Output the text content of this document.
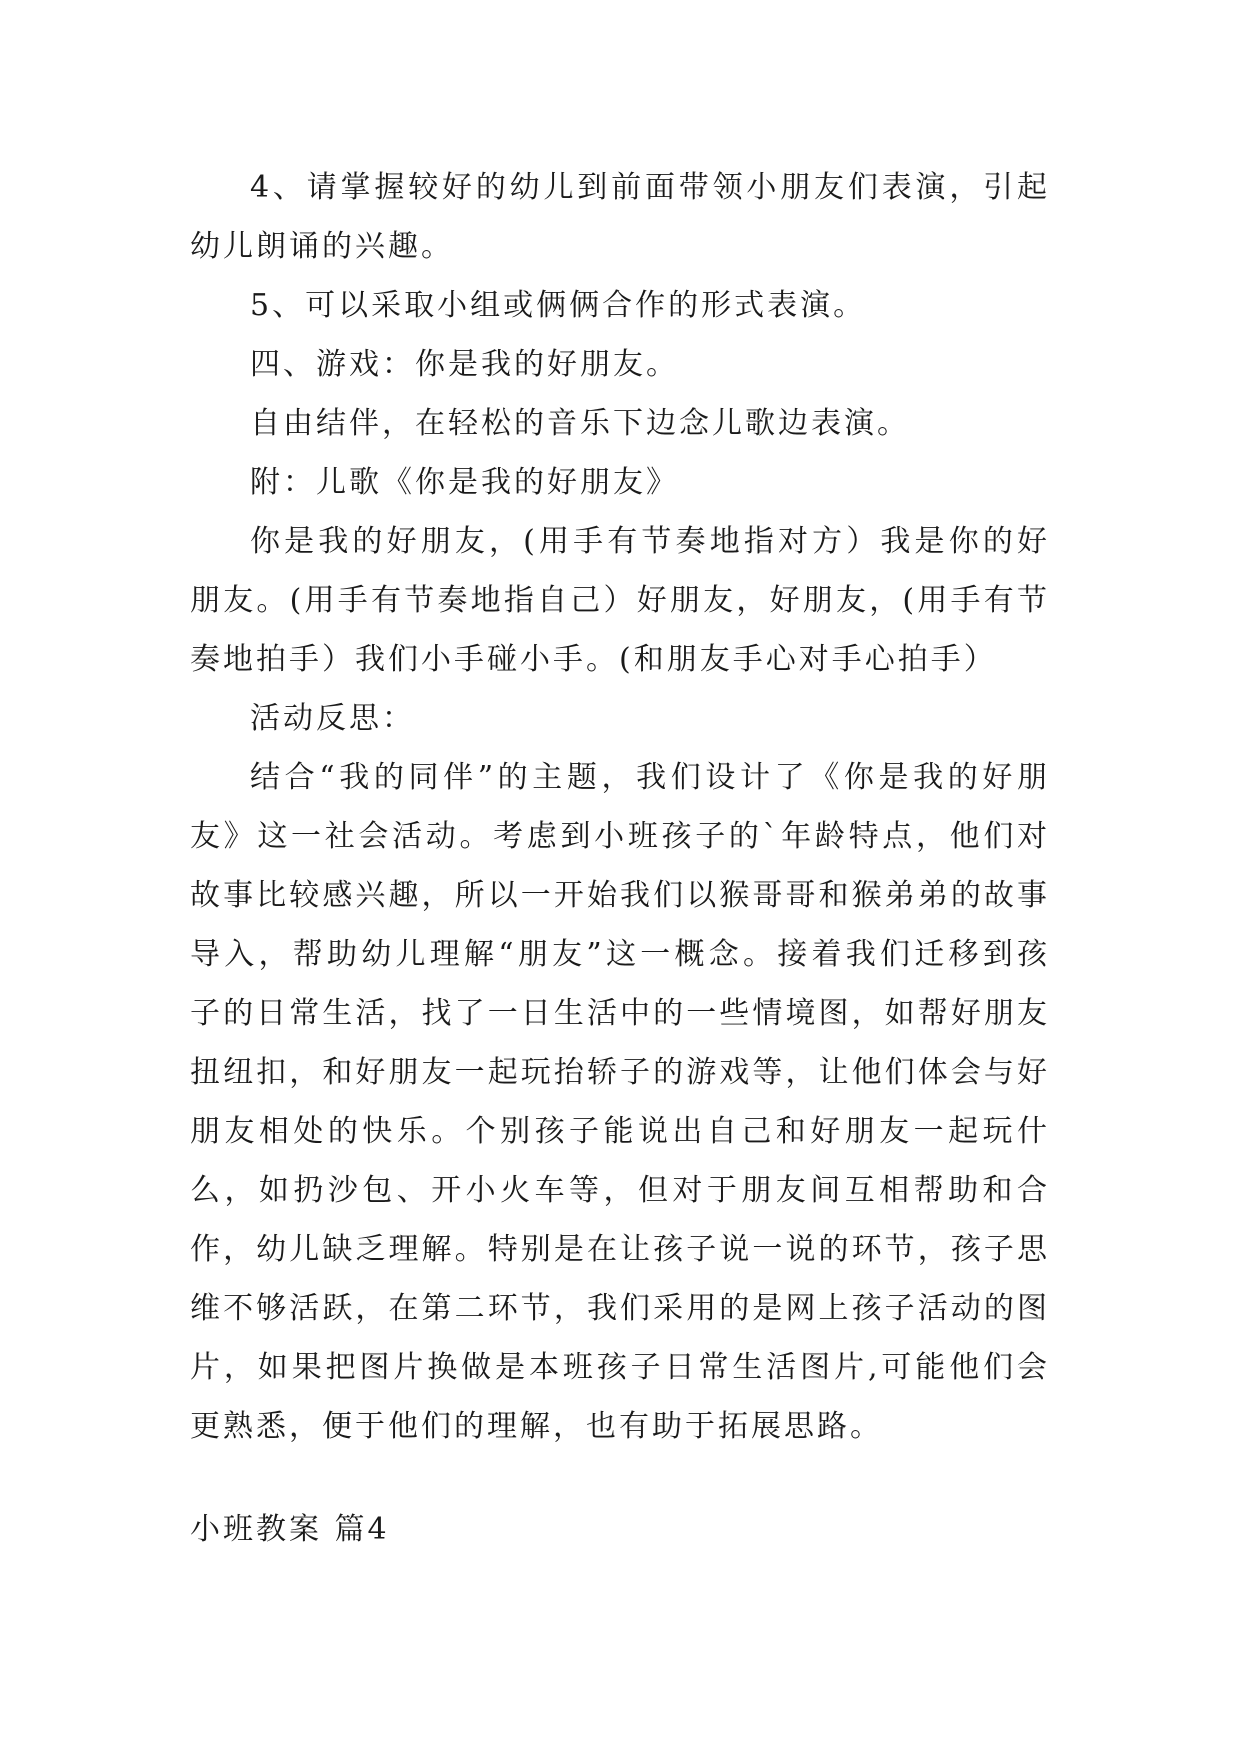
4、请掌握较好的幼儿到前面带领小朋友们表演，引起幼儿朗诵的兴趣。

5、可以采取小组或俩俩合作的形式表演。

四、游戏：你是我的好朋友。

自由结伴，在轻松的音乐下边念儿歌边表演。

附：儿歌《你是我的好朋友》

你是我的好朋友，(用手有节奏地指对方）我是你的好朋友。(用手有节奏地指自己）好朋友，好朋友，(用手有节奏地拍手）我们小手碰小手。(和朋友手心对手心拍手）

活动反思：

结合“我的同伴”的主题，我们设计了《你是我的好朋友》这一社会活动。考虑到小班孩子的`年龄特点，他们对故事比较感兴趣，所以一开始我们以猴哥哥和猴弟弟的故事导入，帮助幼儿理解“朋友”这一概念。接着我们迁移到孩子的日常生活，找了一日生活中的一些情境图，如帮好朋友扭纽扣，和好朋友一起玩抬轿子的游戏等，让他们体会与好朋友相处的快乐。个别孩子能说出自己和好朋友一起玩什么，如扔沙包、开小火车等，但对于朋友间互相帮助和合作，幼儿缺乏理解。特别是在让孩子说一说的环节，孩子思维不够活跃，在第二环节，我们采用的是网上孩子活动的图片，如果把图片换做是本班孩子日常生活图片,可能他们会更熟悉，便于他们的理解，也有助于拓展思路。

小班教案 篇4
